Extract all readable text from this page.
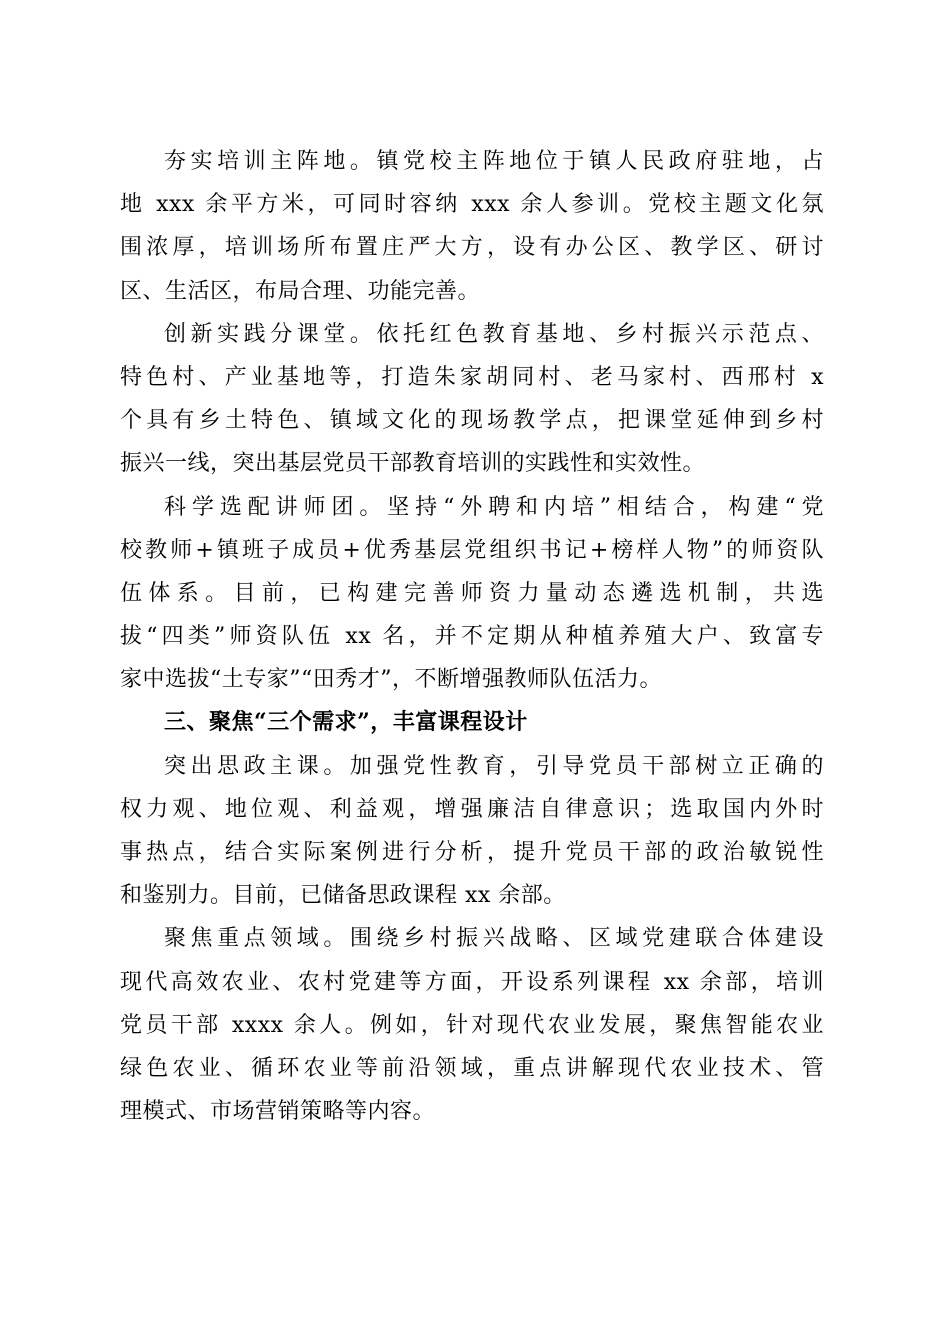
夯实培训主阵地。镇党校主阵地位于镇人民政府驻地，占
地 xxx 余平方米，可同时容纳 xxx 余人参训。党校主题文化氛
围浓厚，培训场所布置庄严大方，设有办公区、教学区、研讨
区、生活区，布局合理、功能完善。
创新实践分课堂。依托红色教育基地、乡村振兴示范点、
特色村、产业基地等，打造朱家胡同村、老马家村、西邢村 x
个具有乡土特色、镇域文化的现场教学点，把课堂延伸到乡村
振兴一线，突出基层党员干部教育培训的实践性和实效性。
科学选配讲师团。坚持“外聘和内培”相结合，构建“党
校教师+镇班子成员+优秀基层党组织书记+榜样人物”的师资队
伍体系。目前，已构建完善师资力量动态遴选机制，共选
拔“四类”师资队伍 xx 名，并不定期从种植养殖大户、致富专
家中选拔“土专家”“田秀才”，不断增强教师队伍活力。
三、聚焦“三个需求”，丰富课程设计
突出思政主课。加强党性教育，引导党员干部树立正确的
权力观、地位观、利益观，增强廉洁自律意识；选取国内外时
事热点，结合实际案例进行分析，提升党员干部的政治敏锐性
和鉴别力。目前，已储备思政课程 xx 余部。
聚焦重点领域。围绕乡村振兴战略、区域党建联合体建设
现代高效农业、农村党建等方面，开设系列课程 xx 余部，培训
党员干部 xxxx 余人。例如，针对现代农业发展，聚焦智能农业
绿色农业、循环农业等前沿领域，重点讲解现代农业技术、管
理模式、市场营销策略等内容。
